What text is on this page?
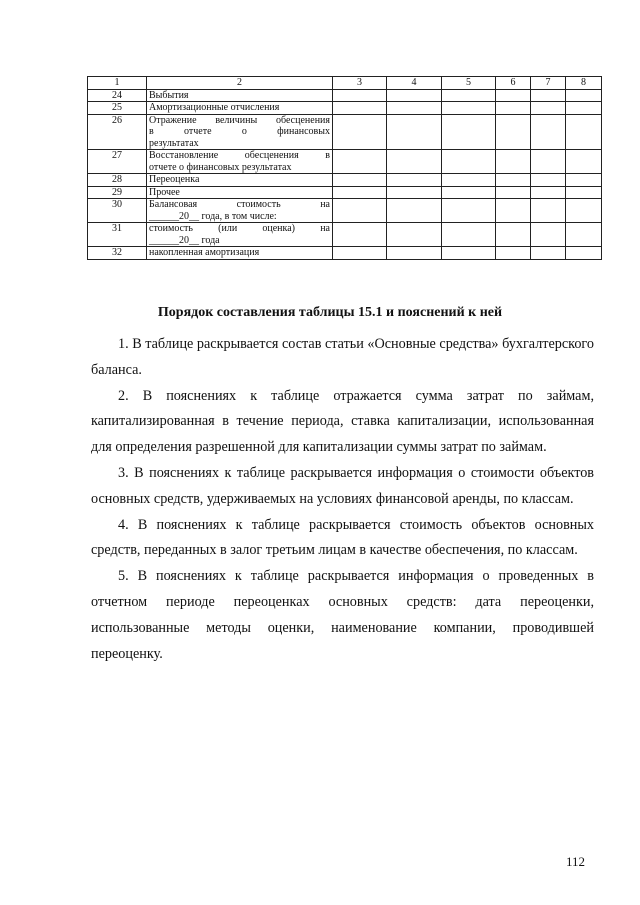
1	2	3	4	5	6	7	8
24	Выбытия						

25	Амортизационные отчисления						

26	Отражение величины обесценения
в отчете о финансовых
результатах						

27	Восстановление обесценения в
отчете о финансовых результатах						

28	Переоценка						

29	Прочее						

30	Балансовая стоимость на
______20__ года, в том числе:						

31	стоимость (или оценка) на
______20__ года						

32	накопленная амортизация						

Порядок составления таблицы 15.1 и пояснений к ней

1. В таблице раскрывается состав статьи «Основные средства» бухгалтерского баланса.

2. В пояснениях к таблице отражается сумма затрат по займам, капитализированная в течение периода, ставка капитализации, использованная для определения разрешенной для капитализации суммы затрат по займам.

3. В пояснениях к таблице раскрывается информация о стоимости объектов основных средств, удерживаемых на условиях финансовой аренды, по классам.

4. В пояснениях к таблице раскрывается стоимость объектов основных средств, переданных в залог третьим лицам в качестве обеспечения, по классам.

5. В пояснениях к таблице раскрывается информация о проведенных в отчетном периоде переоценках основных средств: дата переоценки, использованные методы оценки, наименование компании, проводившей переоценку.

112
